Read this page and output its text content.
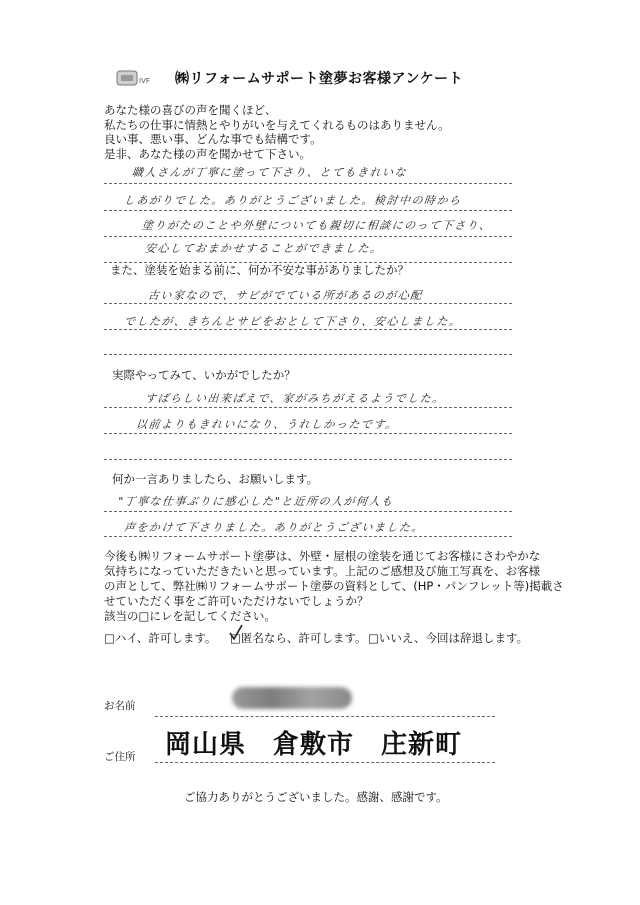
IVF ㈱リフォームサポート塗夢お客様アンケート
あなた様の喜びの声を聞くほど、
私たちの仕事に情熱とやりがいを与えてくれるものはありません。
良い事、悪い事、どんな事でも結構です。
是非、あなた様の声を聞かせて下さい。
職人さんが丁寧に塗って下さり、とてもきれいな
しあがりでした。ありがとうございました。検討中の時から
塗りがたのことや外壁についても親切に相談にのって下さり、
安心しておまかせすることができました。
また、塗装を始まる前に、何か不安な事がありましたか？
古い家なので、サビがでている所があるのが心配
でしたが、きちんとサビをおとして下さり、安心しました。
実際やってみて、いかがでしたか？
すばらしい出来ばえで、家がみちがえるようでした。
以前よりもきれいになり、うれしかったです。
何か一言ありましたら、お願いします。
"丁寧な仕事ぶりに感心した"と近所の人が何人も
声をかけて下さりました。ありがとうございました。
今後も㈱リフォームサポート塗夢は、外壁・屋根の塗装を通じてお客様にさわやかな
気持ちになっていただきたいと思っています。上記のご感想及び施工写真を、お客様
の声として、弊社㈱リフォームサポート塗夢の資料として、(HP・パンフレット等)掲載さ
せていただく事をご許可いただけないでしょうか？
該当の□にレを記してください。
□ハイ、許可します。 □匿名なら、許可します。 □いいえ、今回は辞退します。
お名前
ご住所 岡山県　倉敷市　庄新町
ご協力ありがとうございました。感謝、感謝です。
